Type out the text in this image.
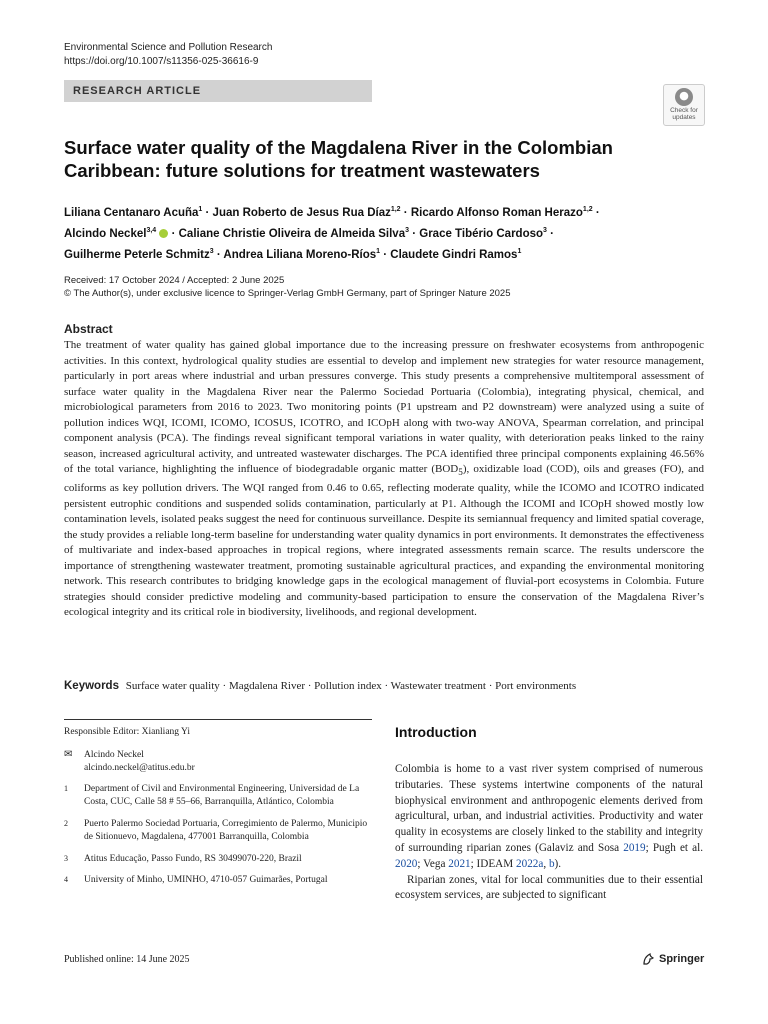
Environmental Science and Pollution Research
https://doi.org/10.1007/s11356-025-36616-9
RESEARCH ARTICLE
Check for
updates
Surface water quality of the Magdalena River in the Colombian Caribbean: future solutions for treatment wastewaters
Liliana Centanaro Acuña$^1$ · Juan Roberto de Jesus Rua Díaz$^{1,2}$ · Ricardo Alfonso Roman Herazo$^{1,2}$ ·
Alcindo Neckel$^{3,4}$  · Caliane Christie Oliveira de Almeida Silva$^3$ · Grace Tibério Cardoso$^3$ ·
Guilherme Peterle Schmitz$^3$ · Andrea Liliana Moreno-Ríos$^1$ · Claudete Gindri Ramos$^1$
Received: 17 October 2024 / Accepted: 2 June 2025
© The Author(s), under exclusive licence to Springer-Verlag GmbH Germany, part of Springer Nature 2025
Abstract

The treatment of water quality has gained global importance due to the increasing pressure on freshwater ecosystems from anthropogenic activities. In this context, hydrological quality studies are essential to develop and implement new strategies for water resource management, particularly in port areas where industrial and urban pressures converge. This study presents a comprehensive multitemporal assessment of surface water quality in the Magdalena River near the Palermo Sociedad Portuaria (Colombia), integrating physical, chemical, and microbiological parameters from 2016 to 2023. Two monitoring points (P1 upstream and P2 downstream) were analyzed using a suite of pollution indices WQI, ICOMI, ICOMO, ICOSUS, ICOTRO, and ICOpH along with two-way ANOVA, Spearman correlation, and principal component analysis (PCA). The findings reveal significant temporal variations in water quality, with deterioration peaks linked to the rainy season, increased agricultural activity, and untreated wastewater discharges. The PCA identified three principal components explaining 46.56% of the total variance, highlighting the influence of biodegradable organic matter $(BOD_5)$, oxidizable load (COD), oils and greases (FO), and coliforms as key pollution drivers. The WQI ranged from 0.46 to 0.65, reflecting moderate quality, while the ICOMO and ICOTRO indicated persistent eutrophic conditions and suspended solids contamination, particularly at P1. Although the ICOMI and ICOpH showed mostly low contamination levels, isolated peaks suggest the need for continuous surveillance. Despite its semiannual frequency and limited spatial coverage, the study provides a reliable long-term baseline for understanding water quality dynamics in port environments. It demonstrates the effectiveness of multivariate and index-based approaches in tropical regions, where integrated assessments remain scarce. The results underscore the importance of strengthening wastewater treatment, promoting sustainable agricultural practices, and expanding the environmental monitoring network. This research contributes to bridging knowledge gaps in the ecological management of fluvial-port ecosystems in Colombia. Future strategies should consider predictive modeling and community-based participation to ensure the conservation of the Magdalena River’s ecological integrity and its critical role in biodiversity, livelihoods, and regional development.

Keywords Surface water quality · Magdalena River · Pollution index · Wastewater treatment · Port environments
Responsible Editor: Xianliang Yi
✉	Alcindo Neckel
alcindo.neckel@atitus.edu.br
1	Department of Civil and Environmental Engineering, Universidad de La Costa, CUC, Calle 58 # 55–66, Barranquilla, Atlántico, Colombia
2	Puerto Palermo Sociedad Portuaria, Corregimiento de Palermo, Municipio de Sitionuevo, Magdalena, 477001 Barranquilla, Colombia
3	Atitus Educação, Passo Fundo, RS 30499070-220, Brazil
4	University of Minho, UMINHO, 4710-057 Guimarães, Portugal
Introduction

Colombia is home to a vast river system comprised of numerous tributaries. These systems intertwine components of the natural biophysical environment and anthropogenic elements derived from agricultural, urban, and industrial activities. Productivity and water quality in ecosystems are closely linked to the stability and integrity of surrounding riparian zones (Galaviz and Sosa 2019; Pugh et al. 2020; Vega 2021; IDEAM 2022a, b).

Riparian zones, vital for local communities due to their essential ecosystem services, are subjected to significant

Published online: 14 June 2025	Springer
